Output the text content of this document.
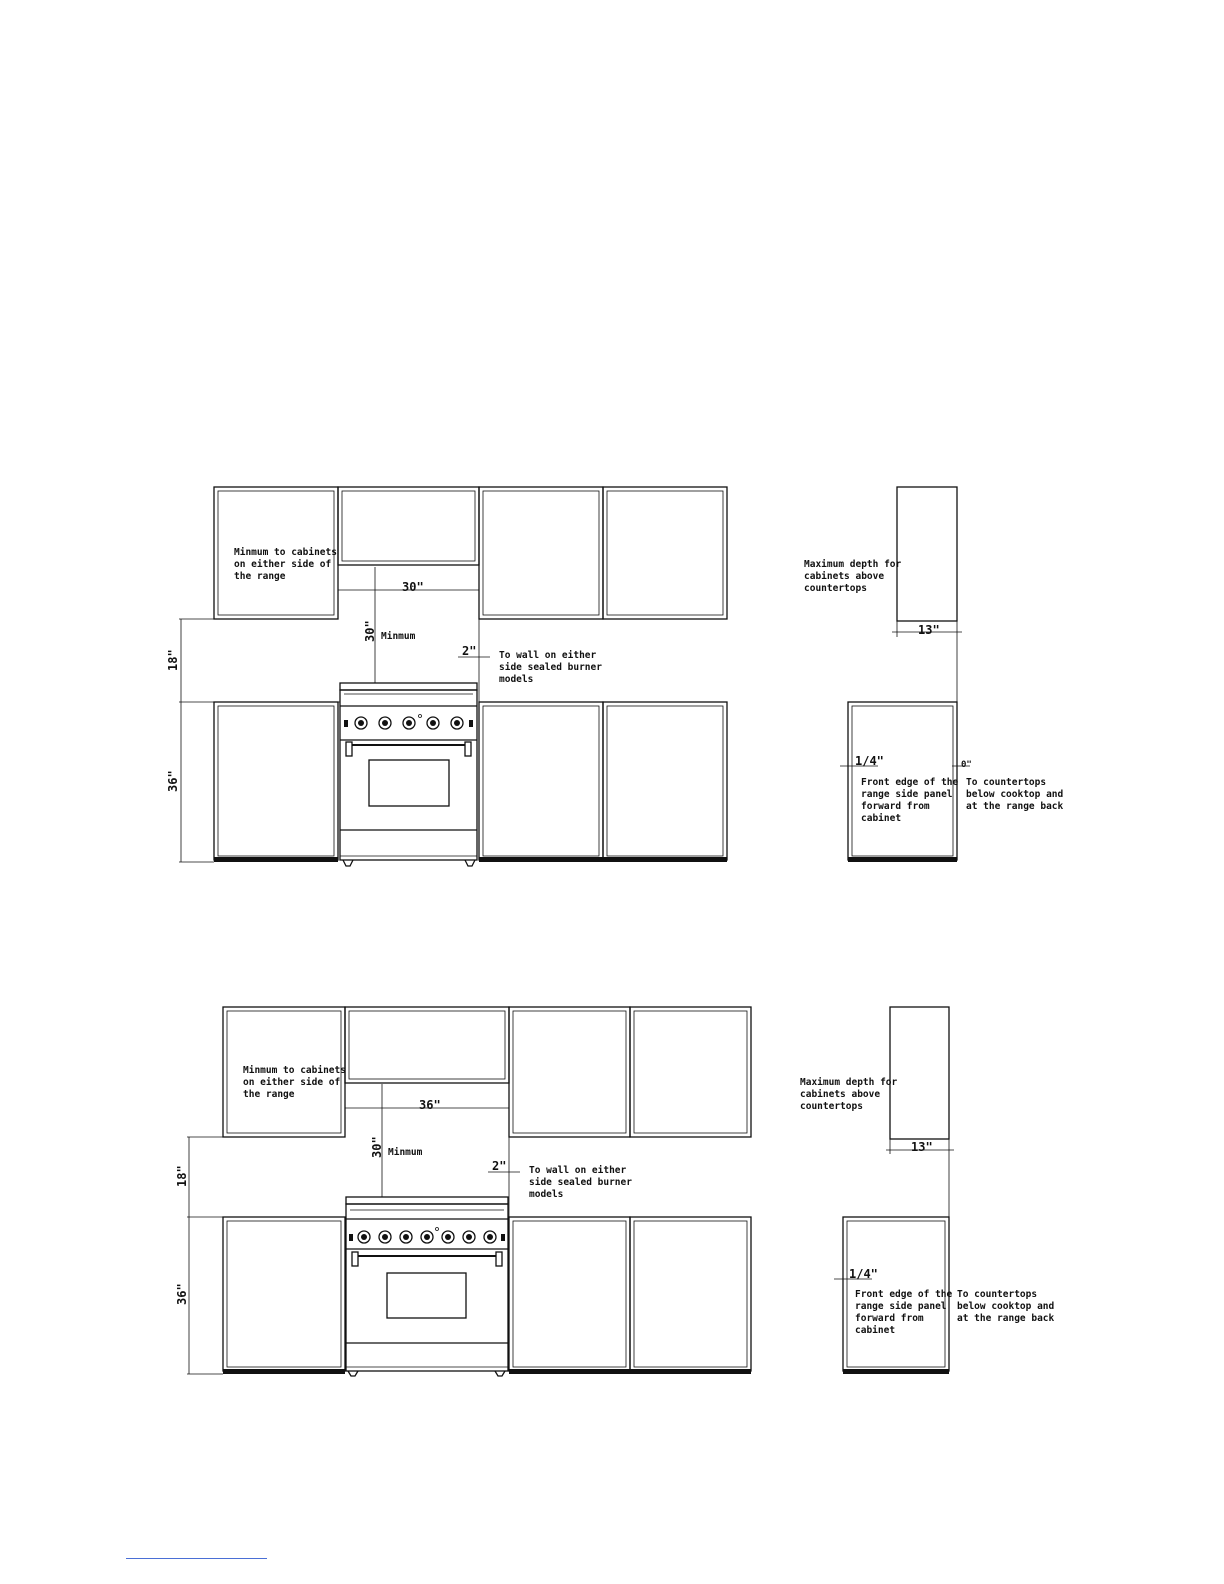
Minmum to cabinets on either side of the range
30"
30" Minmum
18"
36"
2" To wall on either side sealed burner models
Maximum depth for cabinets above countertops
13"
1/4"	0"
Front edge of the range side panel forward from cabinet
To countertops below cooktop and at the range back
Minmum to cabinets on either side of the range
36"
30" Minmum
18"
36"
2" To wall on either side sealed burner models
Maximum depth for cabinets above countertops
13"
1/4"
Front edge of the range side panel forward from cabinet
To countertops below cooktop and at the range back
